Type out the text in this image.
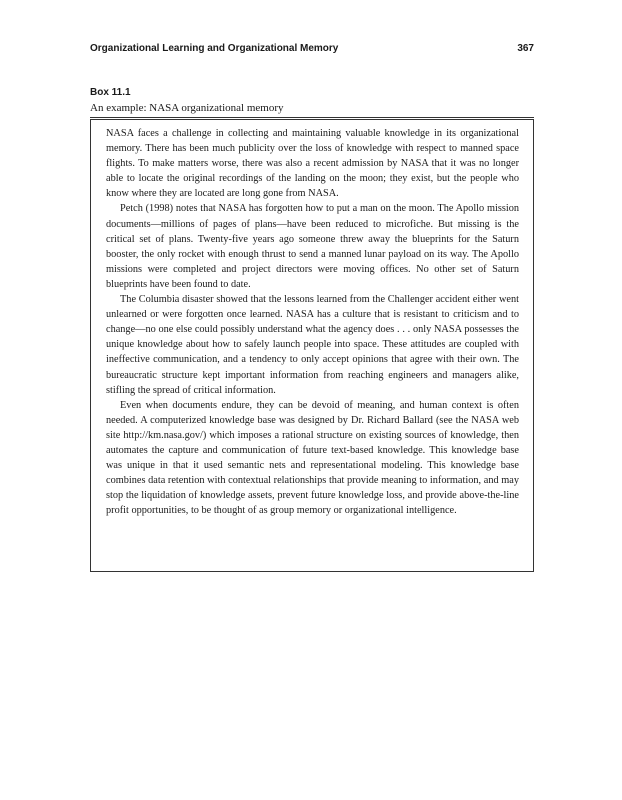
Organizational Learning and Organizational Memory	367
Box 11.1
An example: NASA organizational memory

NASA faces a challenge in collecting and maintaining valuable knowledge in its organizational memory. There has been much publicity over the loss of knowledge with respect to manned space flights. To make matters worse, there was also a recent admission by NASA that it was no longer able to locate the original recordings of the landing on the moon; they exist, but the people who know where they are located are long gone from NASA.

Petch (1998) notes that NASA has forgotten how to put a man on the moon. The Apollo mission documents—millions of pages of plans—have been reduced to microfiche. But missing is the critical set of plans. Twenty-five years ago someone threw away the blueprints for the Saturn booster, the only rocket with enough thrust to send a manned lunar payload on its way. The Apollo missions were completed and project directors were moving offices. No other set of Saturn blueprints have been found to date.

The Columbia disaster showed that the lessons learned from the Challenger accident either went unlearned or were forgotten once learned. NASA has a culture that is resistant to criticism and to change—no one else could possibly understand what the agency does . . . only NASA possesses the unique knowledge about how to safely launch people into space. These attitudes are coupled with ineffective communication, and a tendency to only accept opinions that agree with their own. The bureaucratic structure kept important information from reaching engineers and managers alike, stifling the spread of critical information.

Even when documents endure, they can be devoid of meaning, and human context is often needed. A computerized knowledge base was designed by Dr. Richard Ballard (see the NASA web site http://km.nasa.gov/) which imposes a rational structure on existing sources of knowledge, then automates the capture and communication of future text-based knowledge. This knowledge base was unique in that it used semantic nets and representational modeling. This knowledge base combines data retention with contextual relationships that provide meaning to information, and may stop the liquidation of knowledge assets, prevent future knowledge loss, and provide above-the-line profit opportunities, to be thought of as group memory or organizational intelligence.
